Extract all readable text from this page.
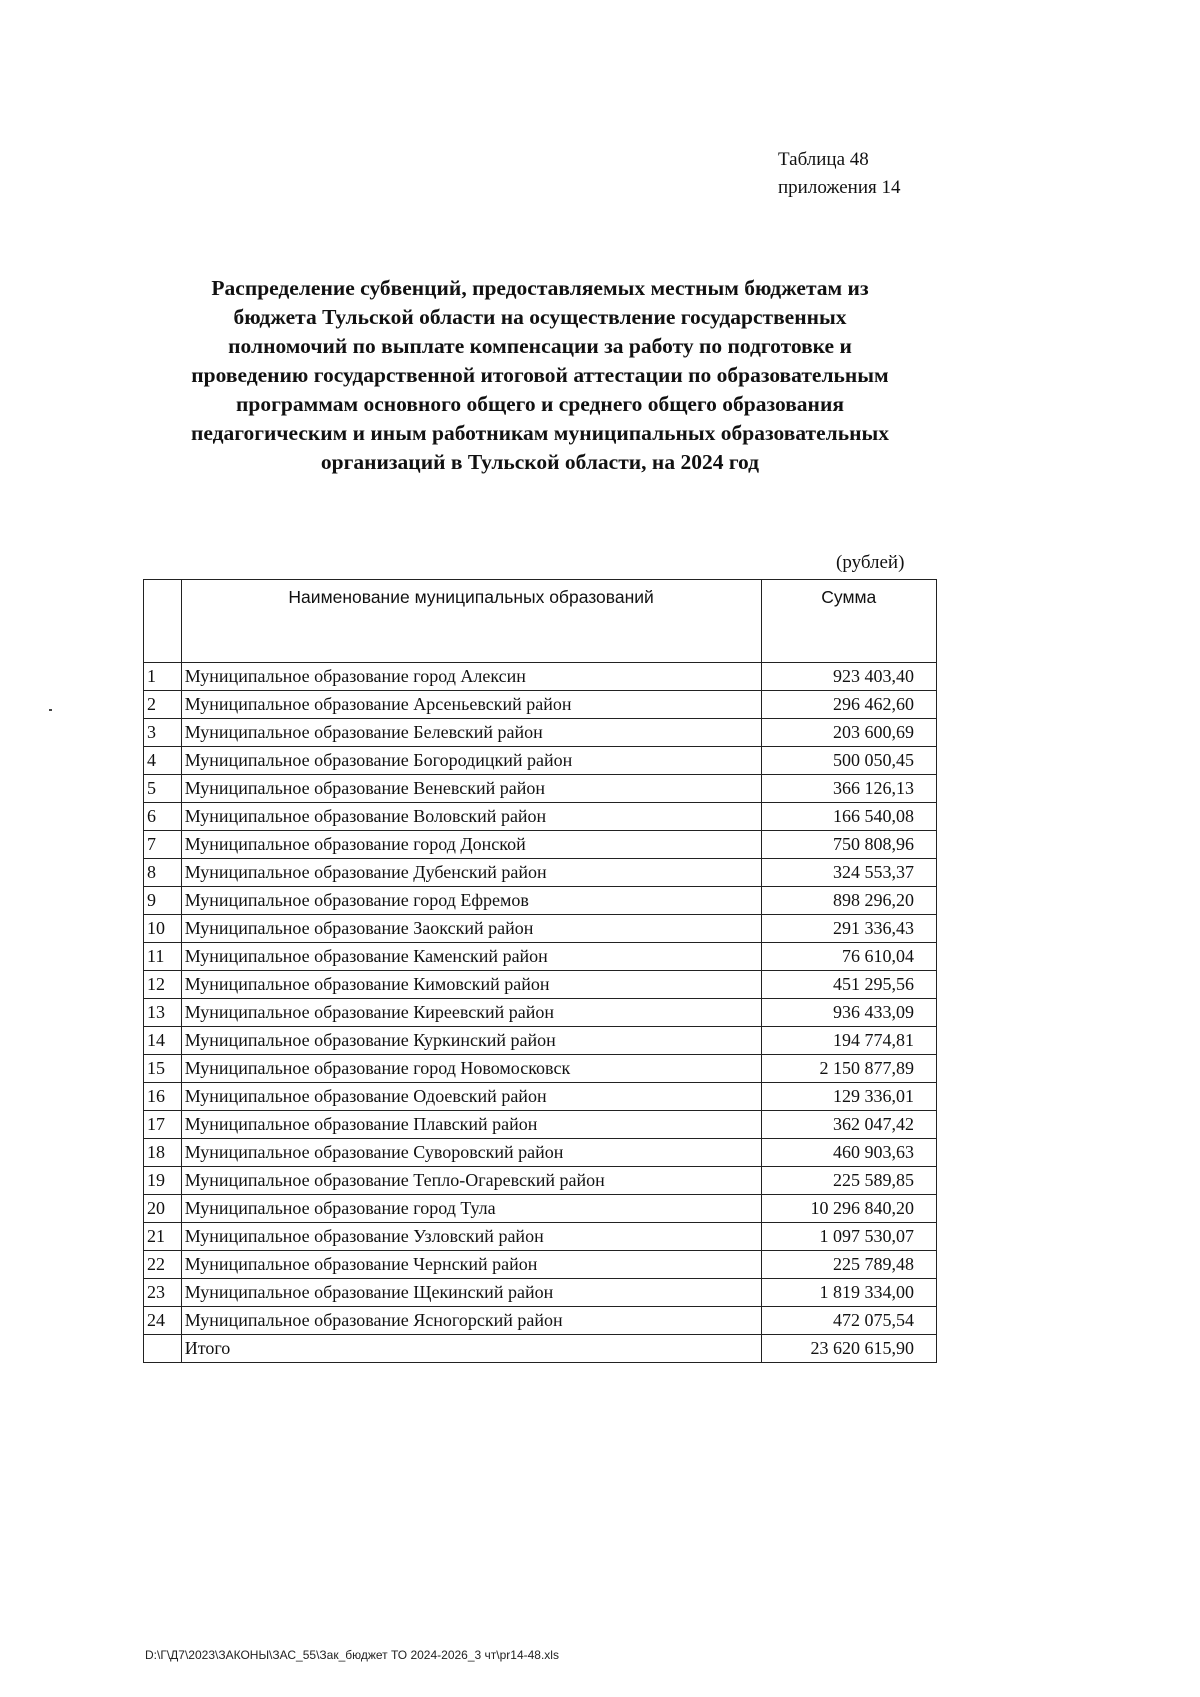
Таблица 48
приложения 14
Распределение субвенций, предоставляемых местным бюджетам из
бюджета Тульской области на осуществление государственных
полномочий по выплате компенсации за работу по подготовке и
проведению государственной итоговой аттестации по образовательным
программам основного общего и среднего общего образования
педагогическим и иным работникам муниципальных образовательных
организаций в Тульской области, на 2024 год
(рублей)
	Наименование муниципальных образований	Сумма
1	Муниципальное образование город Алексин	923 403,40
2	Муниципальное образование Арсеньевский район	296 462,60
3	Муниципальное образование Белевский район	203 600,69
4	Муниципальное образование Богородицкий район	500 050,45
5	Муниципальное образование Веневский район	366 126,13
6	Муниципальное образование Воловский район	166 540,08
7	Муниципальное образование город Донской	750 808,96
8	Муниципальное образование Дубенский район	324 553,37
9	Муниципальное образование город Ефремов	898 296,20
10	Муниципальное образование Заокский район	291 336,43
11	Муниципальное образование Каменский район	76 610,04
12	Муниципальное образование Кимовский район	451 295,56
13	Муниципальное образование Киреевский район	936 433,09
14	Муниципальное образование Куркинский район	194 774,81
15	Муниципальное образование город Новомосковск	2 150 877,89
16	Муниципальное образование Одоевский район	129 336,01
17	Муниципальное образование Плавский район	362 047,42
18	Муниципальное образование Суворовский район	460 903,63
19	Муниципальное образование Тепло-Огаревский район	225 589,85
20	Муниципальное образование город Тула	10 296 840,20
21	Муниципальное образование Узловский район	1 097 530,07
22	Муниципальное образование Чернский район	225 789,48
23	Муниципальное образование Щекинский район	1 819 334,00
24	Муниципальное образование Ясногорский район	472 075,54
	Итого	23 620 615,90
D:\Г\Д7\2023\ЗАКОНЫ\ЗАС_55\Зак_бюджет ТО 2024-2026_3 чт\pr14-48.xls
